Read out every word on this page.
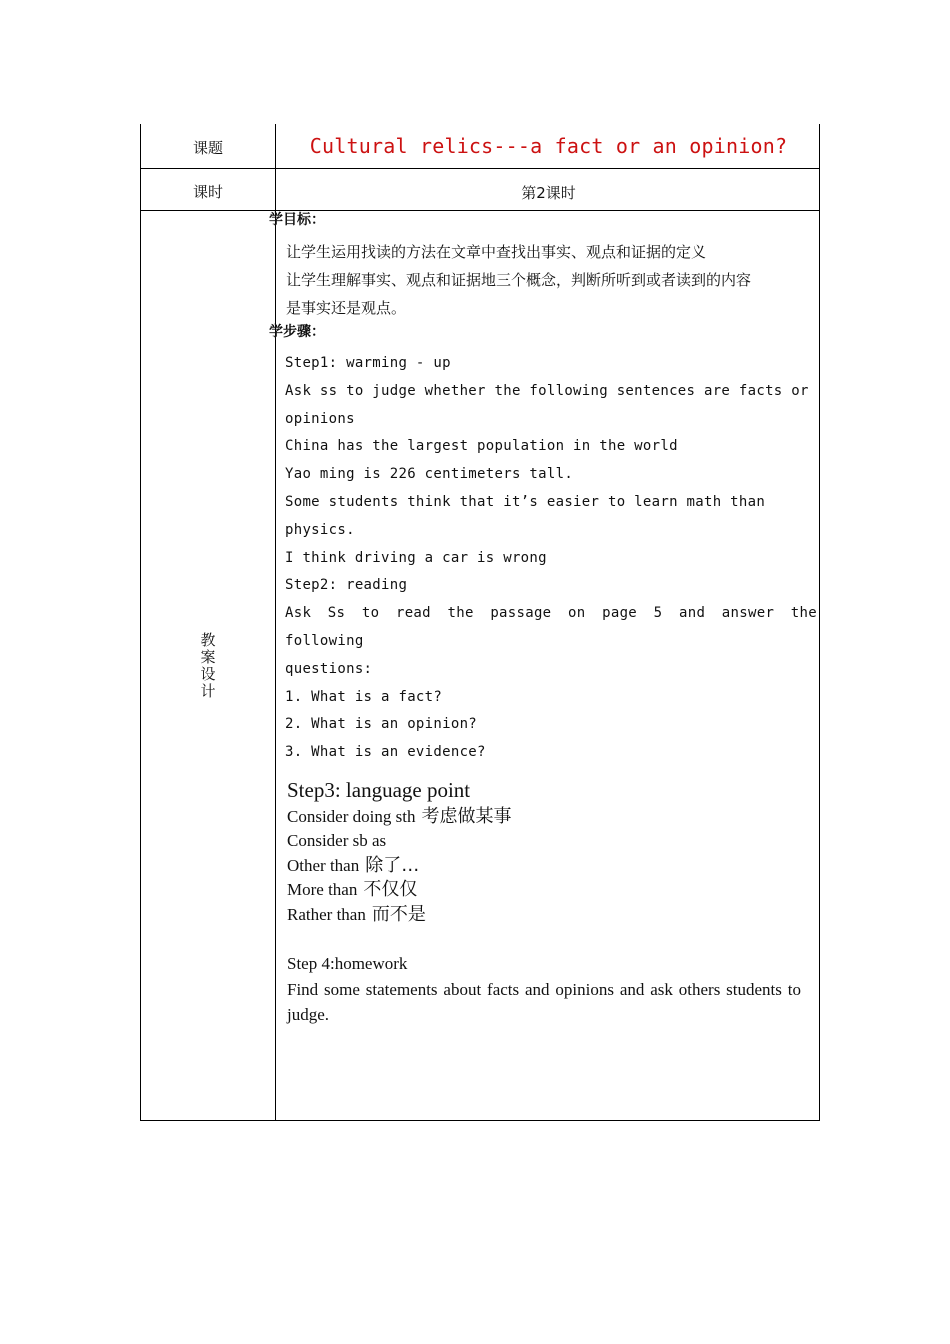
课题	Cultural relics---a fact or an opinion?
课时	第2课时
教
案
设
计
学目标：
让学生运用找读的方法在文章中查找出事实、观点和证据的定义
让学生理解事实、观点和证据地三个概念，判断所听到或者读到的内容
是事实还是观点。
学步骤：
Step1: warming - up
Ask ss to judge whether the following sentences are facts or
opinions
China has the largest population in the world
Yao ming is 226 centimeters tall.
Some students think that it’s easier to learn math than
physics.
I think driving a car is wrong
Step2: reading
Ask Ss to read the passage on page 5 and answer the following
questions:
1. What is a fact?
2. What is an opinion?
3. What is an evidence?
Step3: language point
Consider doing sth 考虑做某事
Consider sb as
Other than 除了…
More than 不仅仅
Rather than 而不是
Step 4:homework
Find some statements about facts and opinions and ask others students to judge.
